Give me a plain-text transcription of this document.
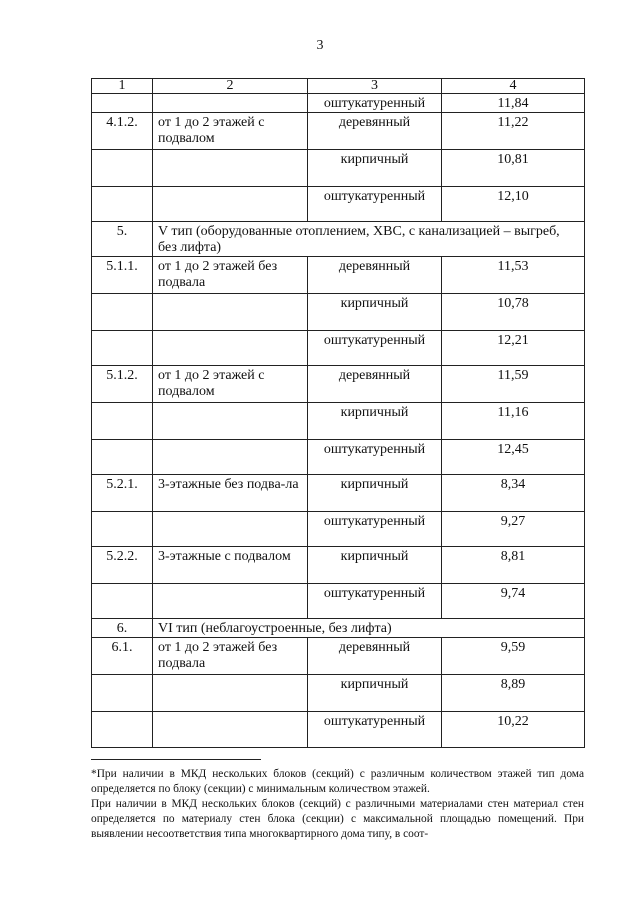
3
1	2	3	4
		оштукатуренный	11,84
4.1.2.	от 1 до 2 этажей с подвалом	деревянный	11,22
		кирпичный	10,81
		оштукатуренный	12,10
5.	V тип (оборудованные отоплением, ХВС, с канализацией – выгреб, без лифта)		
5.1.1.	от 1 до 2 этажей без подвала	деревянный	11,53
		кирпичный	10,78
		оштукатуренный	12,21
5.1.2.	от 1 до 2 этажей с подвалом	деревянный	11,59
		кирпичный	11,16
		оштукатуренный	12,45
5.2.1.	3-этажные без подва-ла	кирпичный	8,34
		оштукатуренный	9,27
5.2.2.	3-этажные с подвалом	кирпичный	8,81
		оштукатуренный	9,74
6.	VI тип (неблагоустроенные, без лифта)		
6.1.	от 1 до 2 этажей без подвала	деревянный	9,59
		кирпичный	8,89
		оштукатуренный	10,22

*При наличии в МКД нескольких блоков (секций) с различным количеством этажей тип дома определяется по блоку (секции) с минимальным количеством этажей.

При наличии в МКД нескольких блоков (секций) с различными материалами стен материал стен определяется по материалу стен блока (секции) с максимальной площадью помещений. При выявлении несоответствия типа многоквартирного дома типу, в соот-
